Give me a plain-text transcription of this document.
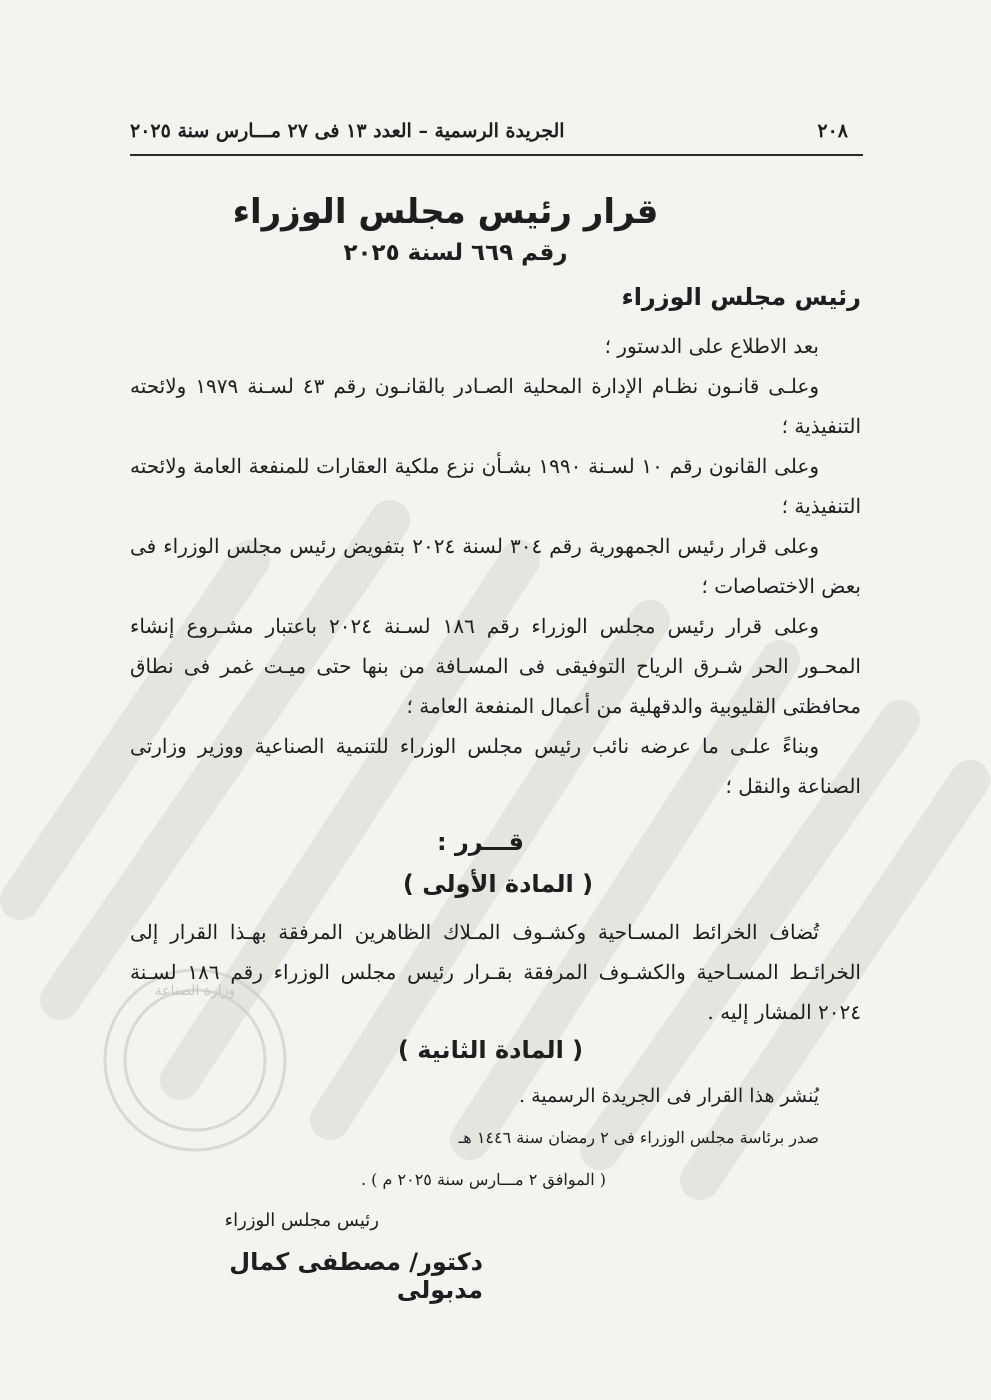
وزارة الصناعة
٢٠٨
الجريدة الرسمية – العدد ١٣ فى ٢٧ مـــارس سنة ٢٠٢٥
قرار رئيس مجلس الوزراء
رقم ٦٦٩ لسنة ٢٠٢٥
رئيس مجلس الوزراء
بعد الاطلاع على الدستور ؛
وعلـى قانـون نظـام الإدارة المحلية الصـادر بالقانـون رقم ٤٣ لسـنة ١٩٧٩ ولائحته التنفيذية ؛
وعلى القانون رقم ١٠ لسـنة ١٩٩٠ بشـأن نزع ملكية العقارات للمنفعة العامة ولائحته التنفيذية ؛
وعلى قرار رئيس الجمهورية رقم ٣٠٤ لسنة ٢٠٢٤ بتفويض رئيس مجلس الوزراء فى بعض الاختصاصات ؛
وعلى قرار رئيس مجلس الوزراء رقم ١٨٦ لسـنة ٢٠٢٤ باعتبار مشـروع إنشاء المحـور الحر شـرق الرياح التوفيقى فى المسـافة من بنها حتى ميـت غمر فى نطاق محافظتى القليوبية والدقهلية من أعمال المنفعة العامة ؛
وبناءً علـى ما عرضه نائب رئيس مجلس الوزراء للتنمية الصناعية ووزير وزارتى الصناعة والنقل ؛
قـــرر :
( المادة الأولى )
تُضاف الخرائط المسـاحية وكشـوف المـلاك الظاهرين المرفقة بهـذا القرار إلى الخرائـط المسـاحية والكشـوف المرفقة بقـرار رئيس مجلس الوزراء رقم ١٨٦ لسـنة ٢٠٢٤ المشار إليه .
( المادة الثانية )
يُنشر هذا القرار فى الجريدة الرسمية .
صدر برئاسة مجلس الوزراء فى ٢ رمضان سنة ١٤٤٦ هـ
( الموافق ٢ مـــارس سنة ٢٠٢٥ م ) .
رئيس مجلس الوزراء
دكتور/ مصطفى كمال مدبولى
